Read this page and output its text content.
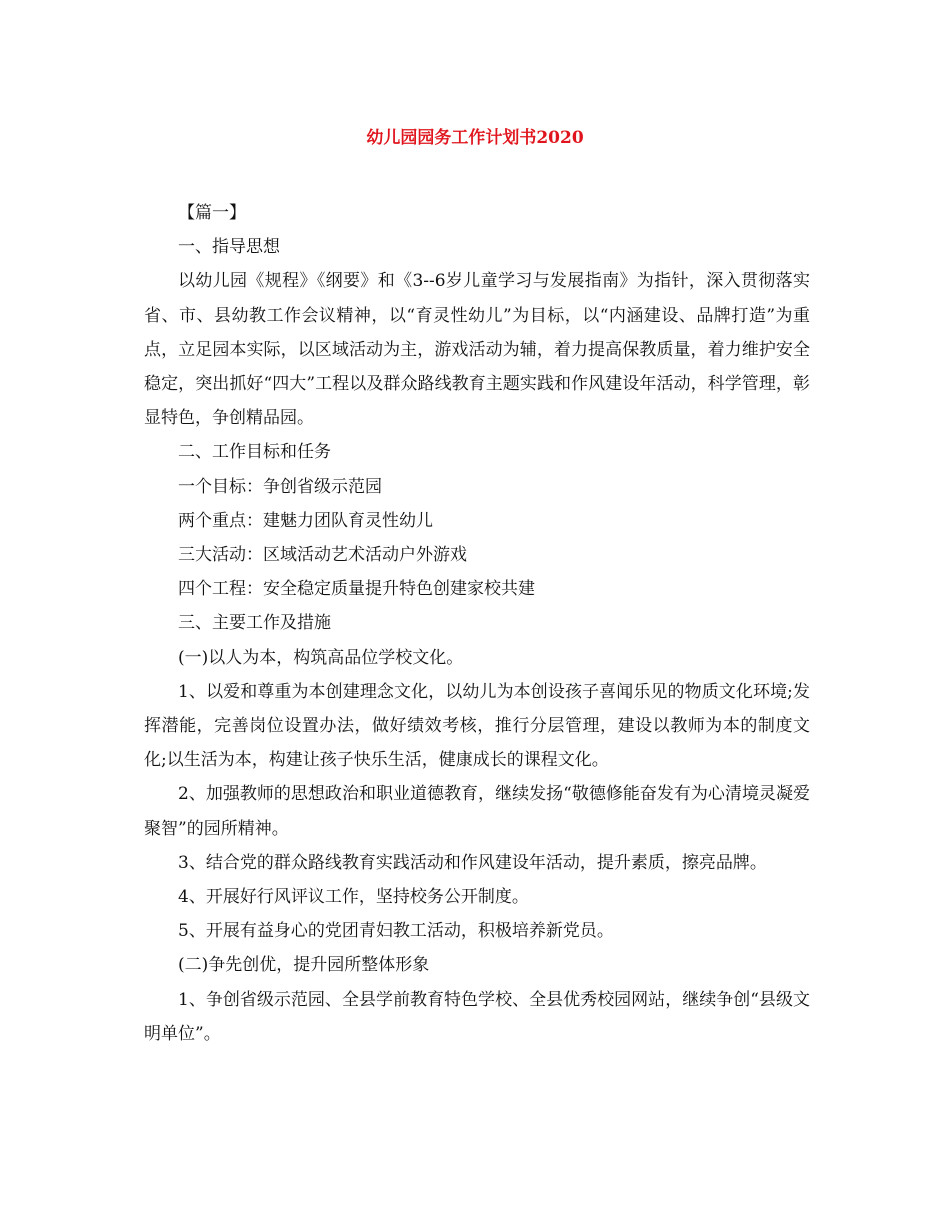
幼儿园园务工作计划书2020

【篇一】

一、指导思想

以幼儿园《规程》《纲要》和《3--6岁儿童学习与发展指南》为指针，深入贯彻落实省、市、县幼教工作会议精神，以“育灵性幼儿”为目标，以“内涵建设、品牌打造”为重点，立足园本实际，以区域活动为主，游戏活动为辅，着力提高保教质量，着力维护安全稳定，突出抓好“四大”工程以及群众路线教育主题实践和作风建设年活动，科学管理，彰显特色，争创精品园。

二、工作目标和任务

一个目标：争创省级示范园

两个重点：建魅力团队育灵性幼儿

三大活动：区域活动艺术活动户外游戏

四个工程：安全稳定质量提升特色创建家校共建

三、主要工作及措施

(一)以人为本，构筑高品位学校文化。

1、以爱和尊重为本创建理念文化，以幼儿为本创设孩子喜闻乐见的物质文化环境;发挥潜能，完善岗位设置办法，做好绩效考核，推行分层管理，建设以教师为本的制度文化;以生活为本，构建让孩子快乐生活，健康成长的课程文化。

2、加强教师的思想政治和职业道德教育，继续发扬“敬德修能奋发有为心清境灵凝爱聚智”的园所精神。

3、结合党的群众路线教育实践活动和作风建设年活动，提升素质，擦亮品牌。

4、开展好行风评议工作，坚持校务公开制度。

5、开展有益身心的党团青妇教工活动，积极培养新党员。

(二)争先创优，提升园所整体形象

1、争创省级示范园、全县学前教育特色学校、全县优秀校园网站，继续争创“县级文明单位”。
